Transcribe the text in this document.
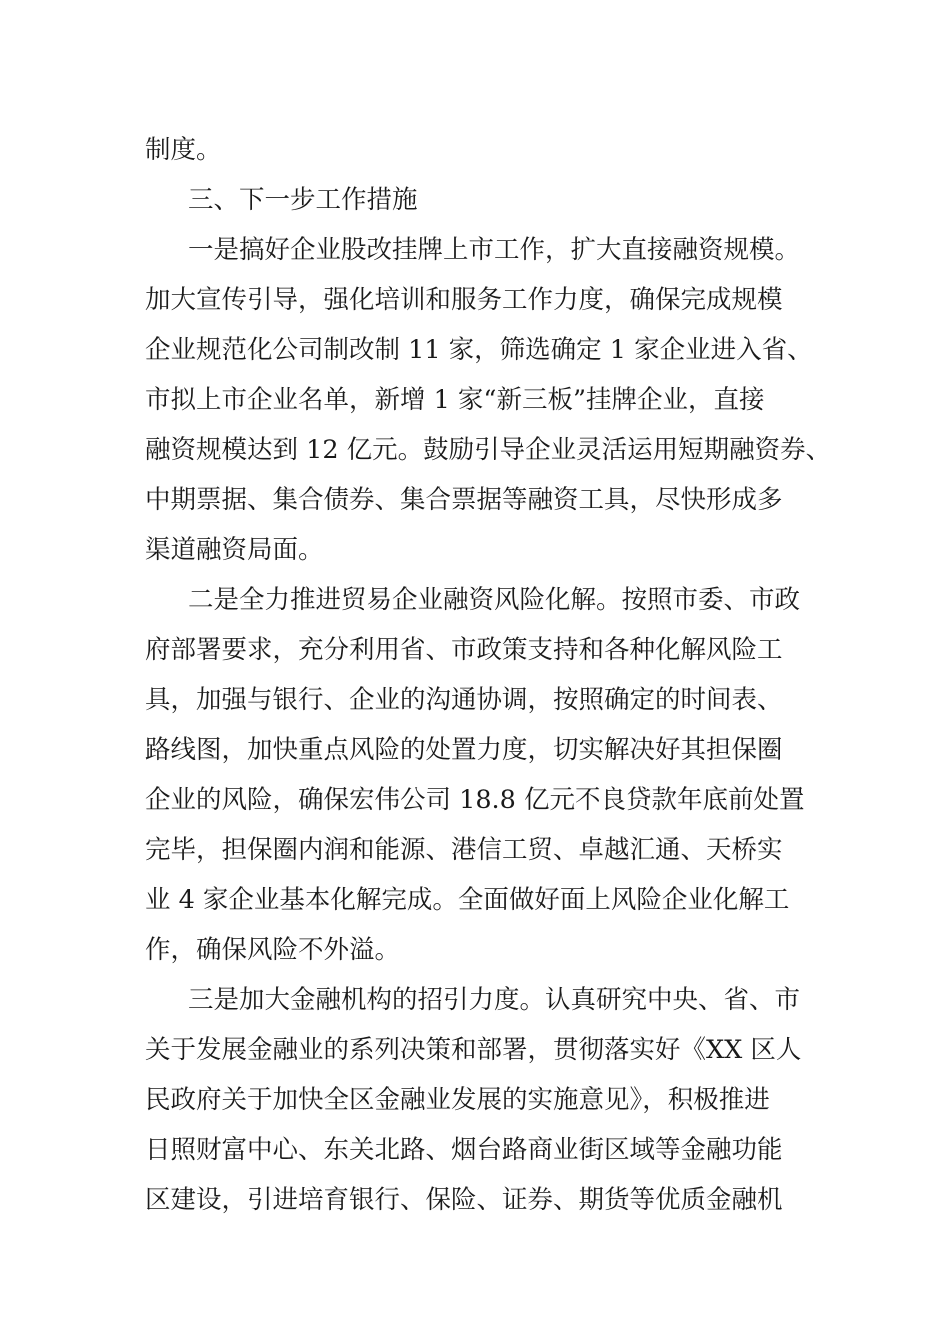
制度。
三、下一步工作措施
一是搞好企业股改挂牌上市工作，扩大直接融资规模。
加大宣传引导，强化培训和服务工作力度，确保完成规模
企业规范化公司制改制 11 家，筛选确定 1 家企业进入省、
市拟上市企业名单，新增 1 家“新三板”挂牌企业，直接
融资规模达到 12 亿元。鼓励引导企业灵活运用短期融资券、
中期票据、集合债券、集合票据等融资工具，尽快形成多
渠道融资局面。
二是全力推进贸易企业融资风险化解。按照市委、市政
府部署要求，充分利用省、市政策支持和各种化解风险工
具，加强与银行、企业的沟通协调，按照确定的时间表、
路线图，加快重点风险的处置力度，切实解决好其担保圈
企业的风险，确保宏伟公司 18.8 亿元不良贷款年底前处置
完毕，担保圈内润和能源、港信工贸、卓越汇通、天桥实
业 4 家企业基本化解完成。全面做好面上风险企业化解工
作，确保风险不外溢。
三是加大金融机构的招引力度。认真研究中央、省、市
关于发展金融业的系列决策和部署，贯彻落实好《XX 区人
民政府关于加快全区金融业发展的实施意见》，积极推进
日照财富中心、东关北路、烟台路商业街区域等金融功能
区建设，引进培育银行、保险、证券、期货等优质金融机
